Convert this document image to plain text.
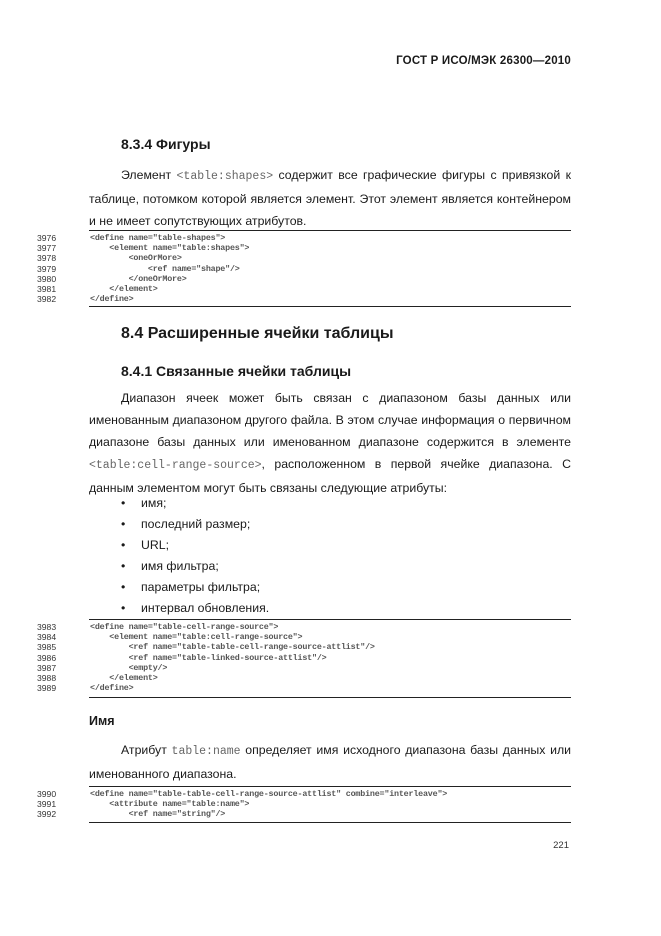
ГОСТ Р ИСО/МЭК 26300—2010
8.3.4 Фигуры

Элемент <table:shapes> содержит все графические фигуры с привязкой к таблице, потомком которой является элемент. Этот элемент является контейнером и не имеет сопутствующих атрибутов.

3976	<define name="table-shapes">
3977	<element name="table:shapes">
3978	<oneOrMore>
3979	<ref name="shape"/>
3980	</oneOrMore>
3981	</element>
3982	</define>
8.4 Расширенные ячейки таблицы
8.4.1 Связанные ячейки таблицы

Диапазон ячеек может быть связан с диапазоном базы данных или именованным диапазоном другого файла. В этом случае информация о первичном диапазоне базы данных или именованном диапазоне содержится в элементе <table:cell-range-source>, расположенном в первой ячейке диапазона. С данным элементом могут быть связаны следующие атрибуты:

• имя;
• последний размер;
• URL;
• имя фильтра;
• параметры фильтра;
• интервал обновления.
3983	<define name="table-cell-range-source">
3984	<element name="table:cell-range-source">
3985	<ref name="table-table-cell-range-source-attlist"/>
3986	<ref name="table-linked-source-attlist"/>
3987	<empty/>
3988	</element>
3989	</define>
Имя

Атрибут table:name определяет имя исходного диапазона базы данных или именованного диапазона.

3990	<define name="table-table-cell-range-source-attlist" combine="interleave">
3991	<attribute name="table:name">
3992	<ref name="string"/>
221
